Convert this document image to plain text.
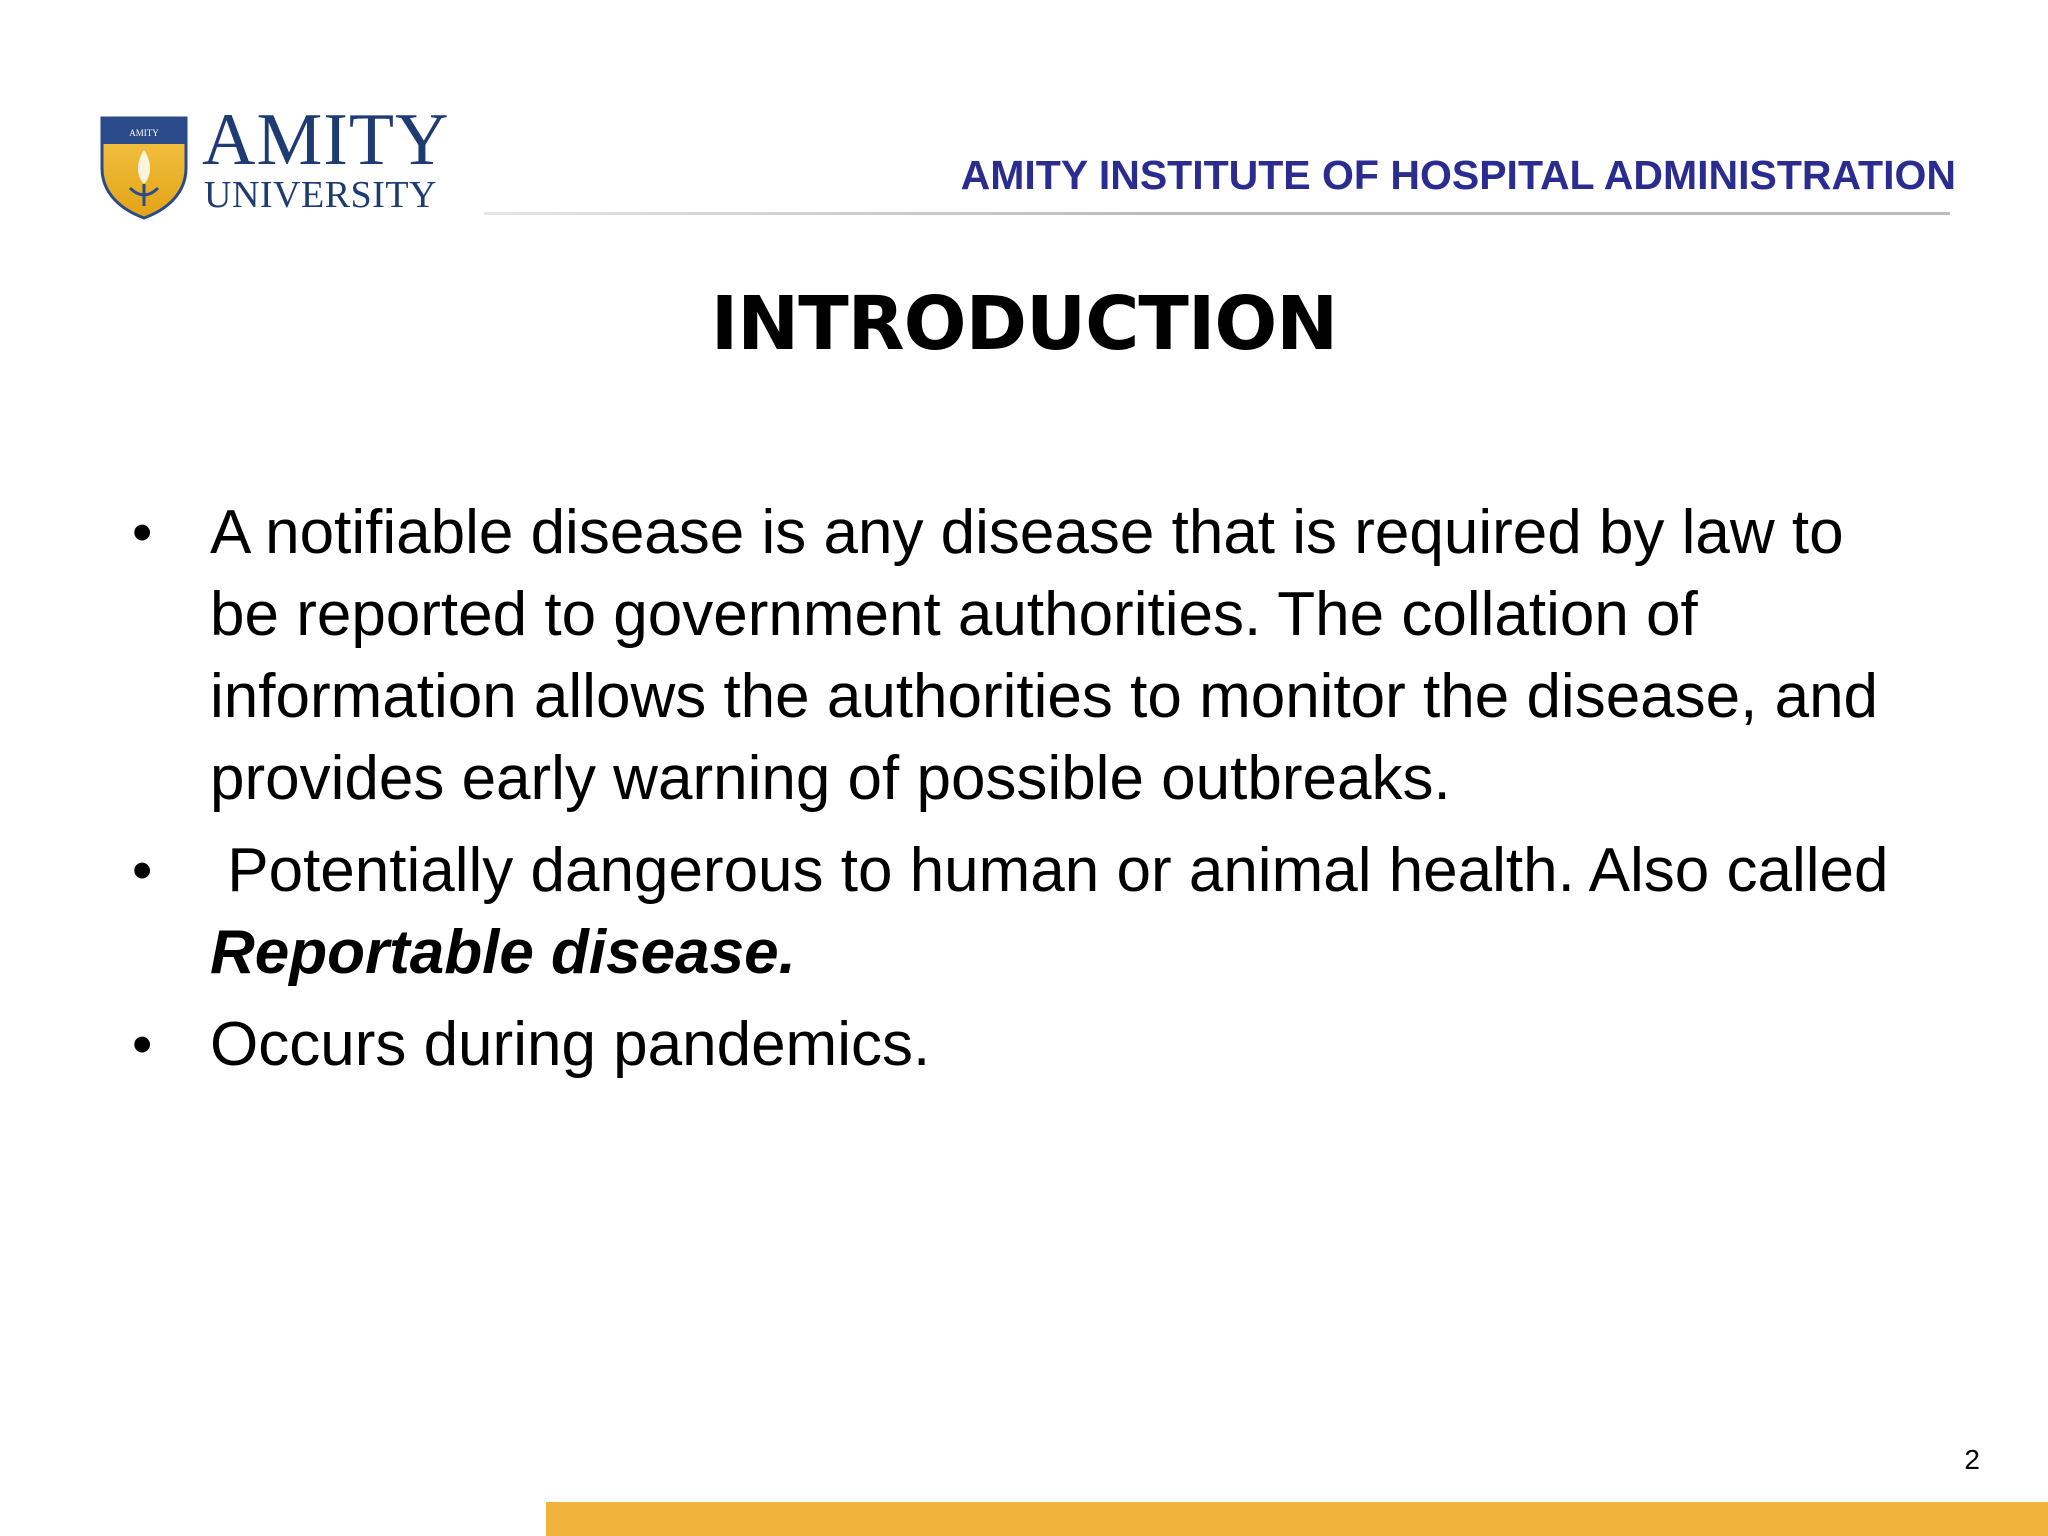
AMITY AMITY
UNIVERSITY	AMITY INSTITUTE OF HOSPITAL ADMINISTRATION
INTRODUCTION
• A notifiable disease is any disease that is required by law to be reported to government authorities. The collation of information allows the authorities to monitor the disease, and provides early warning of possible outbreaks.
• Potentially dangerous to human or animal health. Also called Reportable disease.
• Occurs during pandemics.
2
